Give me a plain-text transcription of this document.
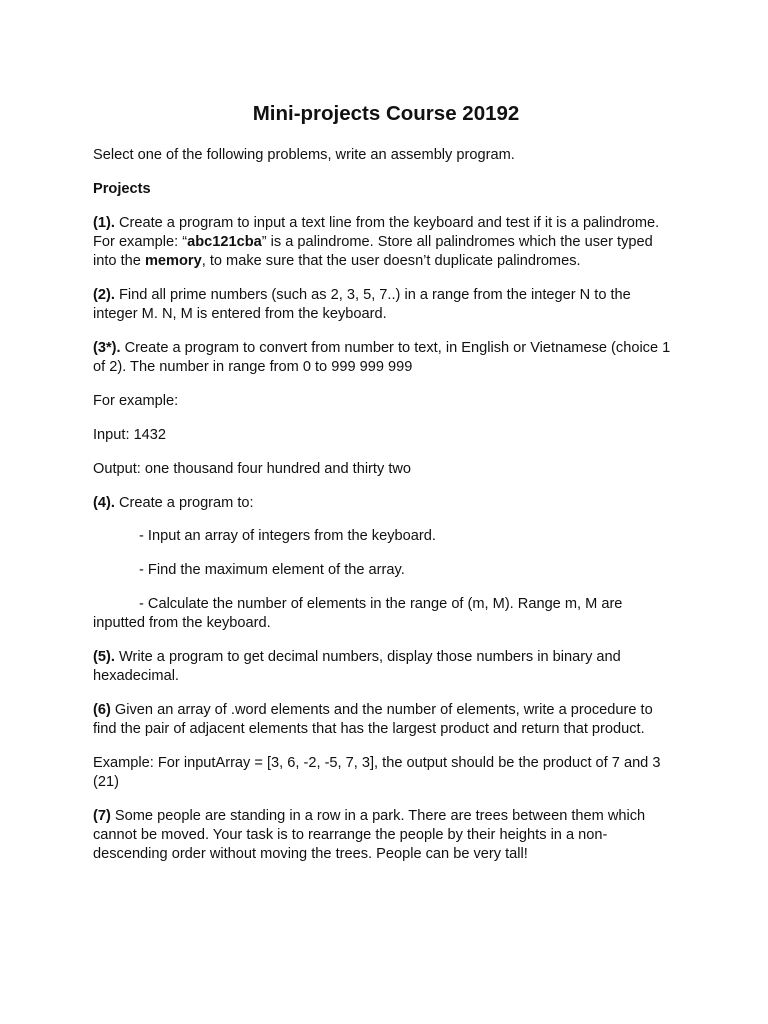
Mini-projects Course 20192

Select one of the following problems, write an assembly program.

Projects

(1). Create a program to input a text line from the keyboard and test if it is a palindrome. For example: “abc121cba” is a palindrome. Store all palindromes which the user typed into the memory, to make sure that the user doesn’t duplicate palindromes.

(2). Find all prime numbers (such as 2, 3, 5, 7..) in a range from the integer N to the integer M. N, M is entered from the keyboard.

(3*). Create a program to convert from number to text, in English or Vietnamese (choice 1 of 2). The number in range from 0 to 999 999 999

For example:

Input: 1432

Output: one thousand four hundred and thirty two

(4). Create a program to:

- Input an array of integers from the keyboard.

- Find the maximum element of the array.

- Calculate the number of elements in the range of (m, M). Range m, M are inputted from the keyboard.

(5). Write a program to get decimal numbers, display those numbers in binary and hexadecimal.

(6) Given an array of .word elements and the number of elements, write a procedure to find the pair of adjacent elements that has the largest product and return that product.

Example: For inputArray = [3, 6, -2, -5, 7, 3], the output should be the product of 7 and 3 (21)

(7) Some people are standing in a row in a park. There are trees between them which cannot be moved. Your task is to rearrange the people by their heights in a non-descending order without moving the trees. People can be very tall!
